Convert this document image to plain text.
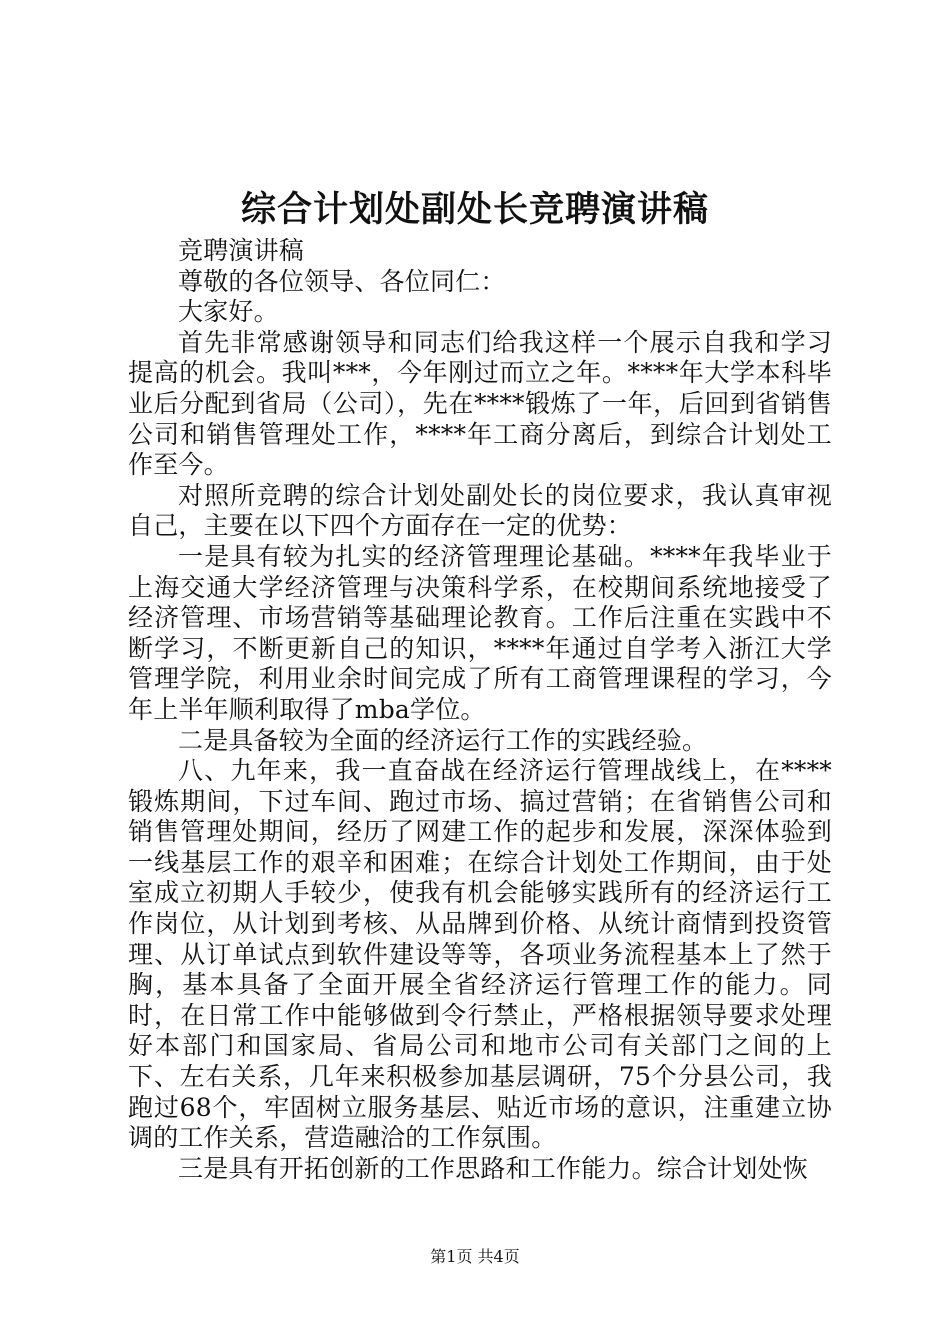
综合计划处副处长竞聘演讲稿

竞聘演讲稿

尊敬的各位领导、各位同仁：

大家好。

首先非常感谢领导和同志们给我这样一个展示自我和学习提高的机会。我叫***，今年刚过而立之年。****年大学本科毕业后分配到省局（公司），先在****锻炼了一年，后回到省销售公司和销售管理处工作，****年工商分离后，到综合计划处工作至今。

对照所竞聘的综合计划处副处长的岗位要求，我认真审视自己，主要在以下四个方面存在一定的优势：

一是具有较为扎实的经济管理理论基础。****年我毕业于上海交通大学经济管理与决策科学系，在校期间系统地接受了经济管理、市场营销等基础理论教育。工作后注重在实践中不断学习，不断更新自己的知识，****年通过自学考入浙江大学管理学院，利用业余时间完成了所有工商管理课程的学习，今年上半年顺利取得了mba学位。

二是具备较为全面的经济运行工作的实践经验。

八、九年来，我一直奋战在经济运行管理战线上，在****锻炼期间，下过车间、跑过市场、搞过营销；在省销售公司和销售管理处期间，经历了网建工作的起步和发展，深深体验到一线基层工作的艰辛和困难；在综合计划处工作期间，由于处室成立初期人手较少，使我有机会能够实践所有的经济运行工作岗位，从计划到考核、从品牌到价格、从统计商情到投资管理、从订单试点到软件建设等等，各项业务流程基本上了然于胸，基本具备了全面开展全省经济运行管理工作的能力。同时，在日常工作中能够做到令行禁止，严格根据领导要求处理好本部门和国家局、省局公司和地市公司有关部门之间的上下、左右关系，几年来积极参加基层调研，75个分县公司，我跑过68个，牢固树立服务基层、贴近市场的意识，注重建立协调的工作关系，营造融洽的工作氛围。

三是具有开拓创新的工作思路和工作能力。综合计划处恢

第1页 共4页
